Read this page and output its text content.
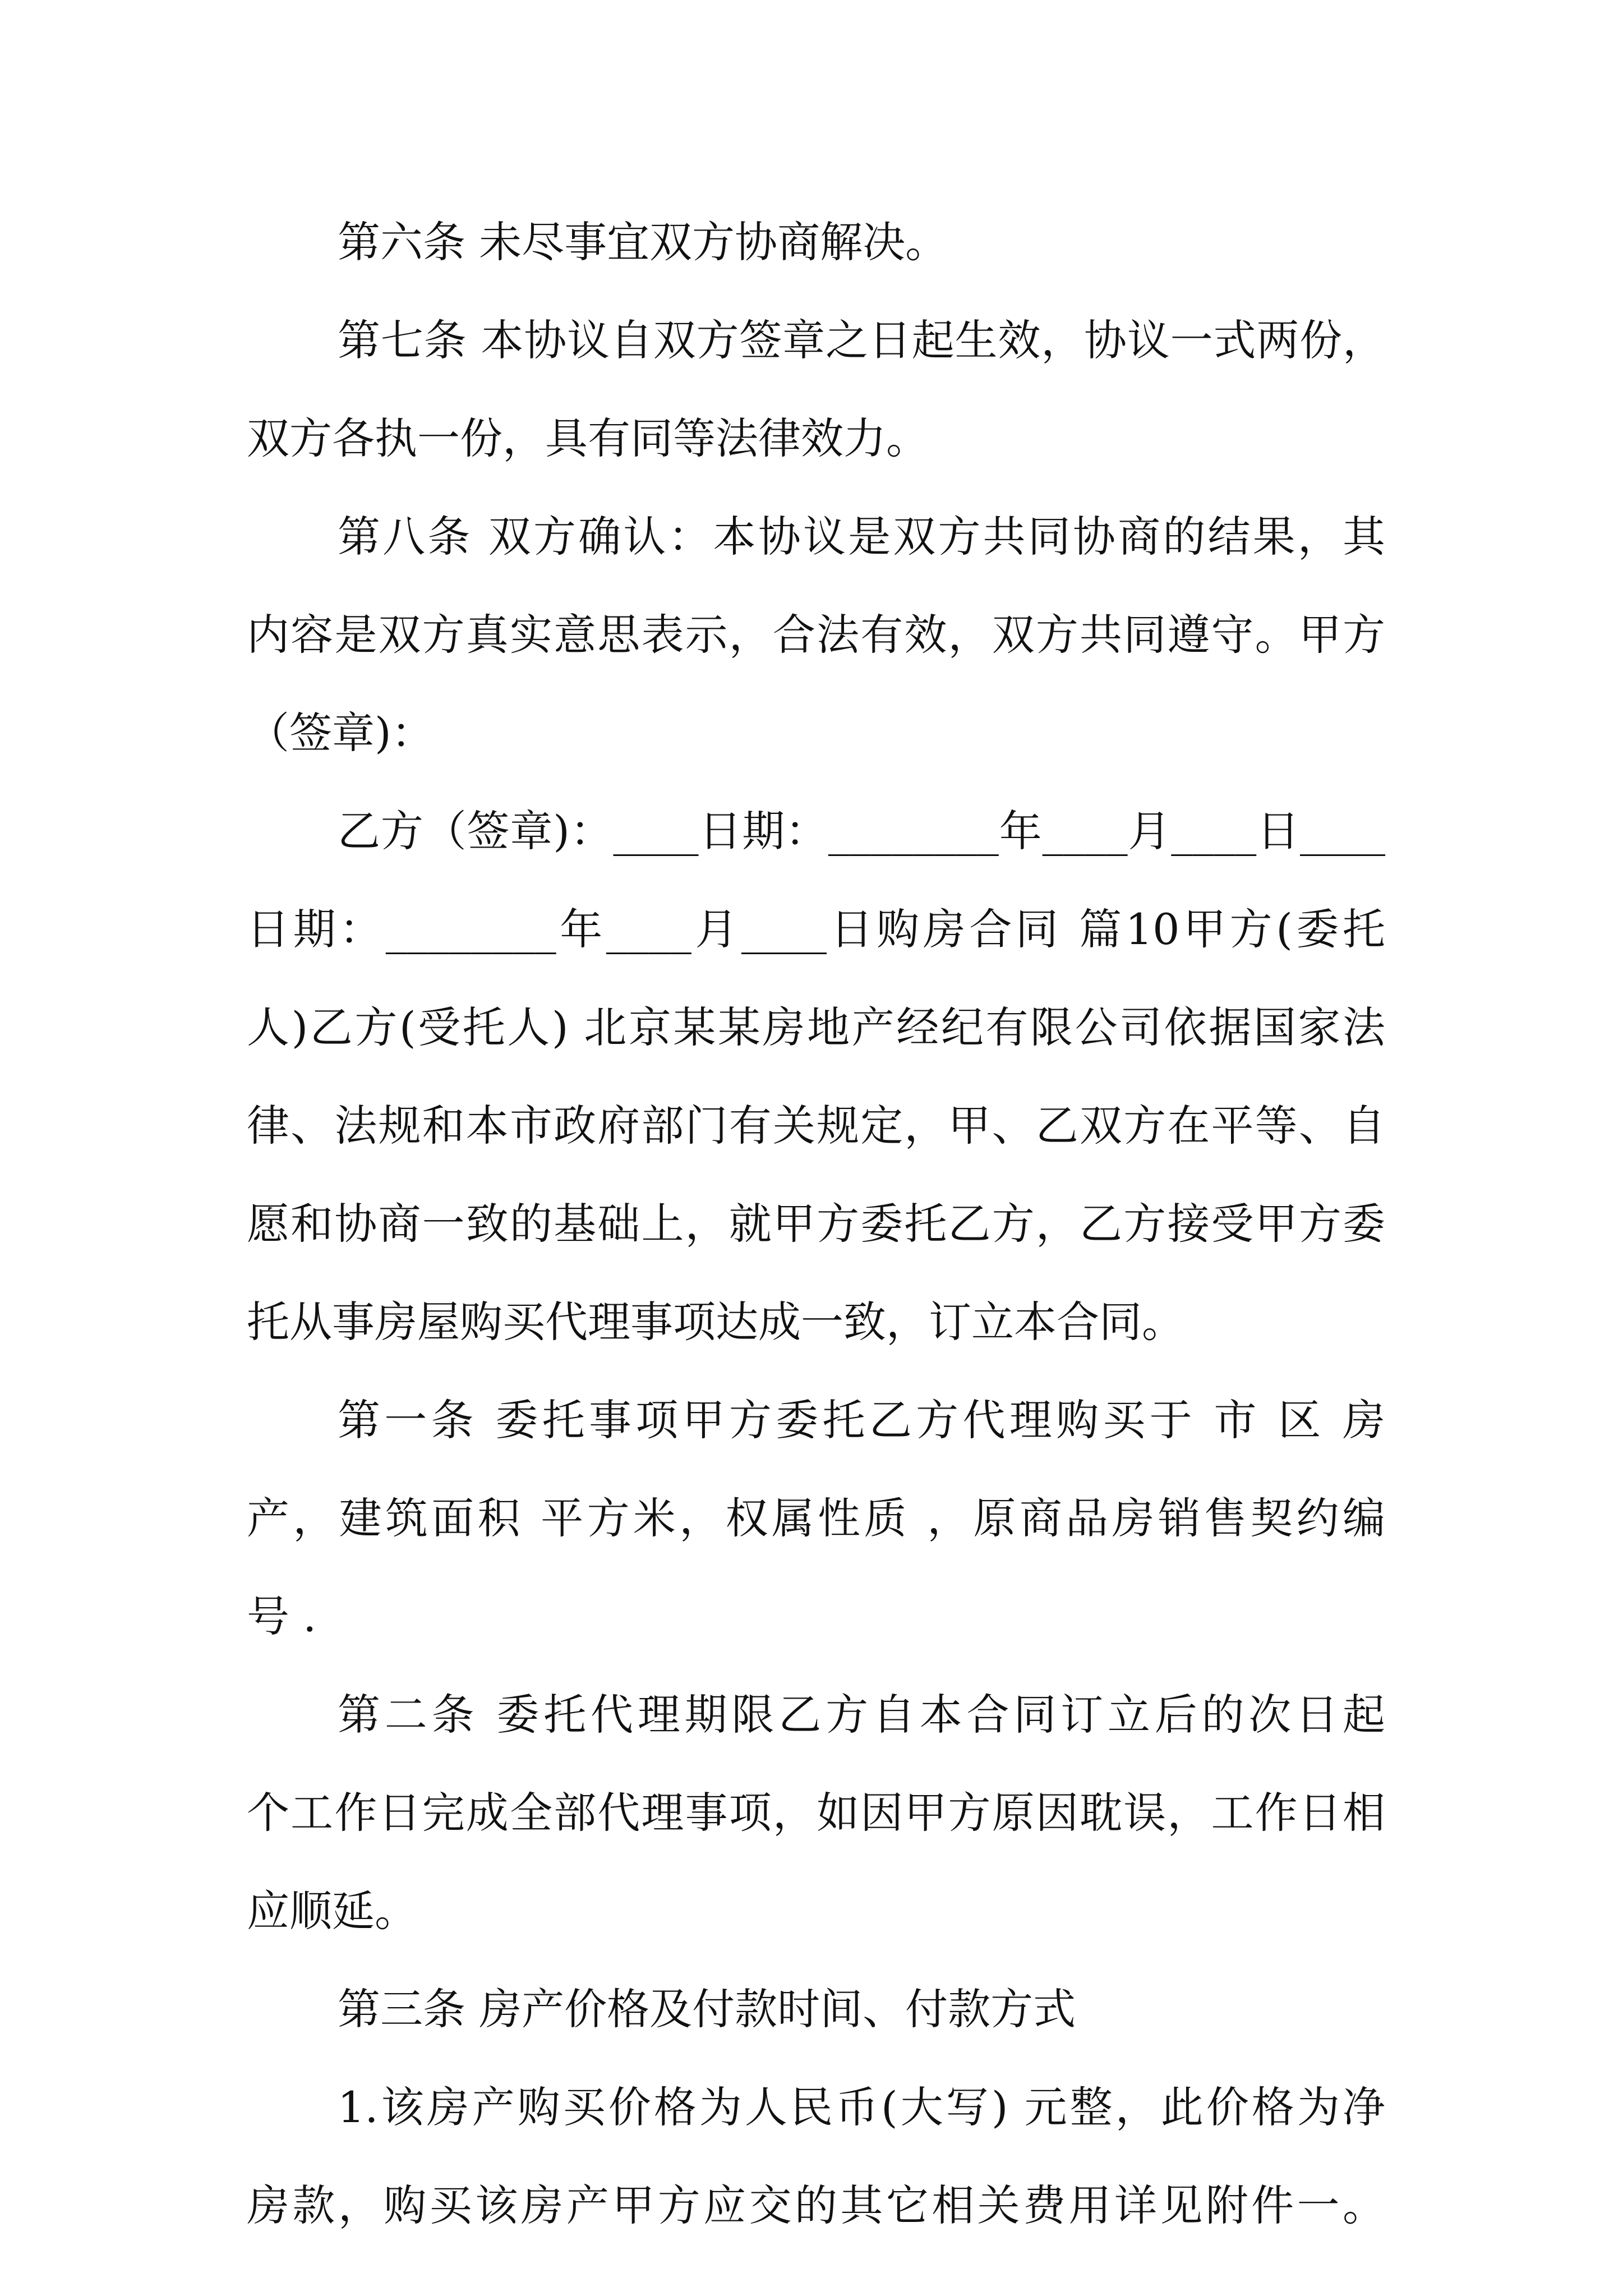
第六条 未尽事宜双方协商解决。
第七条 本协议自双方签章之日起生效，协议一式两份，
双方各执一份，具有同等法律效力。
第八条 双方确认：本协议是双方共同协商的结果，其
内容是双方真实意思表示，合法有效，双方共同遵守。甲方
（签章)：
乙方（签章)：____日期：________年____月____日____
日期：________年____月____日购房合同 篇10甲方(委托
人)乙方(受托人) 北京某某房地产经纪有限公司依据国家法
律、法规和本市政府部门有关规定，甲、乙双方在平等、自
愿和协商一致的基础上，就甲方委托乙方，乙方接受甲方委
托从事房屋购买代理事项达成一致，订立本合同。
第一条 委托事项甲方委托乙方代理购买于 市 区 房
产，建筑面积 平方米，权属性质 ，原商品房销售契约编
号 .
第二条 委托代理期限乙方自本合同订立后的次日起
个工作日完成全部代理事项，如因甲方原因耽误，工作日相
应顺延。
第三条 房产价格及付款时间、付款方式
1.该房产购买价格为人民币(大写) 元整，此价格为净
房款，购买该房产甲方应交的其它相关费用详见附件一。
